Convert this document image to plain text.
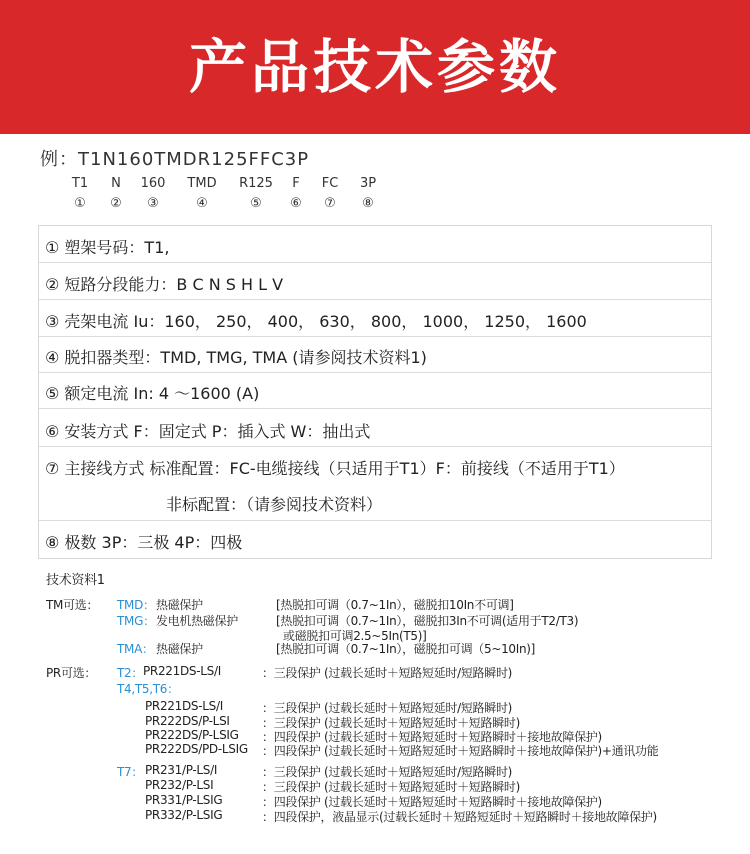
产品技术参数
例：T1N160TMDR125FFC3P
T1	N	160	TMD	R125	F	FC	3P
①	②	③	④	⑤	⑥	⑦	⑧
① 塑架号码：T1,
② 短路分段能力：B C N S H L V
③ 壳架电流 Iu：160， 250， 400， 630， 800， 1000， 1250， 1600
④ 脱扣器类型：TMD, TMG, TMA (请参阅技术资料1)
⑤ 额定电流 In: 4 ～1600 (A)
⑥ 安装方式 F：固定式 P：插入式 W：抽出式
⑦ 主接线方式 标准配置：FC-电缆接线（只适用于T1）F：前接线（不适用于T1）
非标配置：（请参阅技术资料）
⑧ 极数 3P：三极 4P：四极
技术资料1
TM可选： TMD： 热磁保护	[热脱扣可调（0.7~1In），磁脱扣10In不可调]
TMG： 发电机热磁保护	[热脱扣可调（0.7~1In），磁脱扣3In不可调(适用于T2/T3)
或磁脱扣可调2.5~5In(T5)]
TMA： 热磁保护	[热脱扣可调（0.7~1In），磁脱扣可调（5~10In)]
PR可选： T2： PR221DS-LS/I	：三段保护 (过载长延时＋短路短延时/短路瞬时)
T4,T5,T6：
PR221DS-LS/I	：三段保护 (过载长延时＋短路短延时/短路瞬时)
PR222DS/P-LSI	：三段保护 (过载长延时＋短路短延时＋短路瞬时)
PR222DS/P-LSIG ：四段保护 (过载长延时＋短路短延时＋短路瞬时＋接地故障保护)
PR222DS/PD-LSIG ：四段保护 (过载长延时＋短路短延时＋短路瞬时＋接地故障保护)+通讯功能
T7： PR231/P-LS/I	：三段保护 (过载长延时＋短路短延时/短路瞬时)
PR232/P-LSI	：三段保护 (过载长延时＋短路短延时＋短路瞬时)
PR331/P-LSIG	：四段保护 (过载长延时＋短路短延时＋短路瞬时＋接地故障保护)
PR332/P-LSIG	：四段保护，液晶显示(过载长延时＋短路短延时＋短路瞬时＋接地故障保护)
